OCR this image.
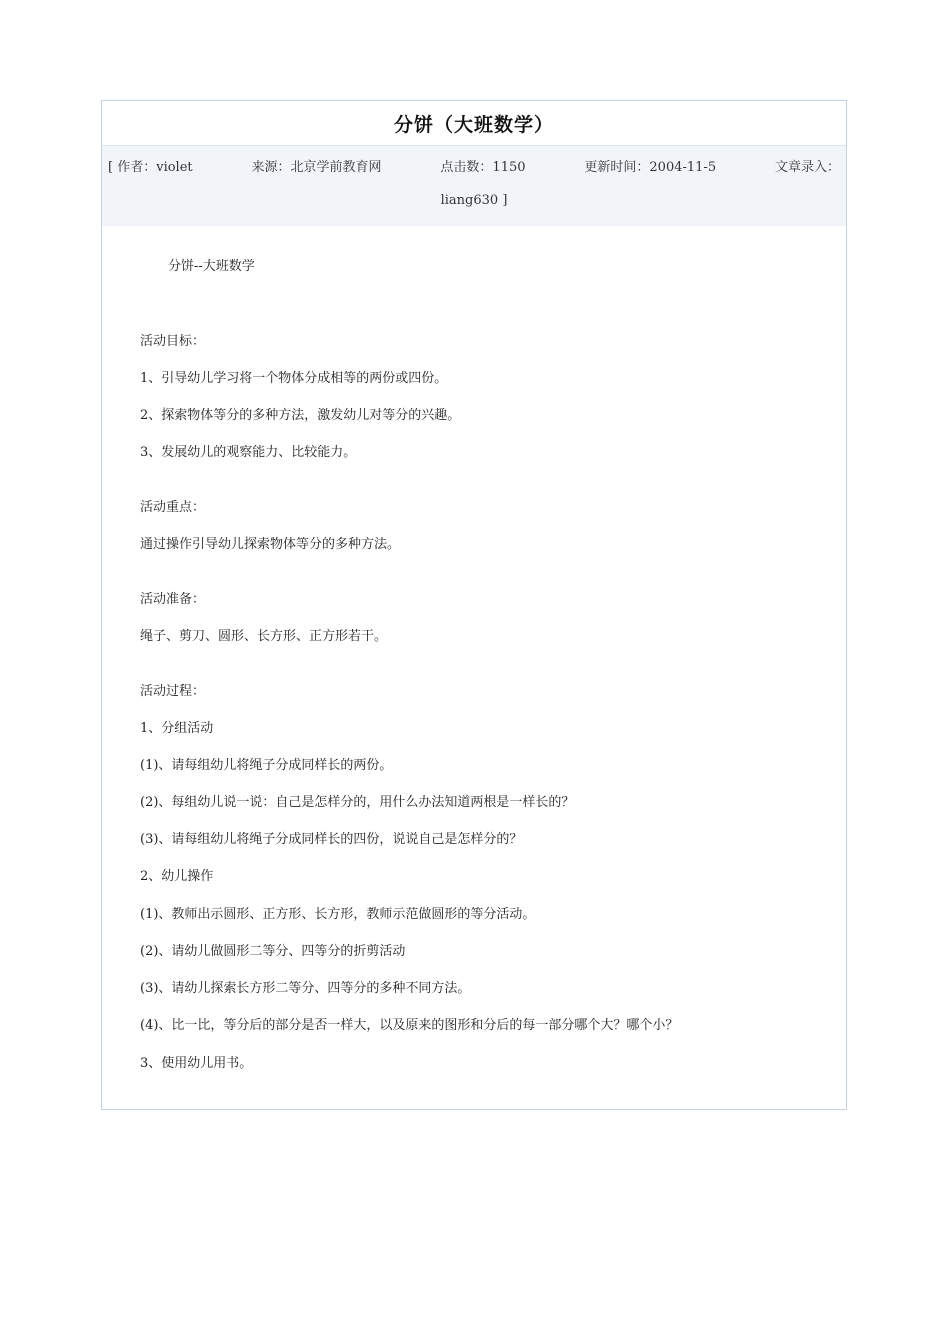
分饼（大班数学）
[ 作者：violet	来源：北京学前教育网	点击数：1150	更新时间：2004-11-5	文章录入：
liang630 ]
分饼--大班数学
活动目标：
1、引导幼儿学习将一个物体分成相等的两份或四份。
2、探索物体等分的多种方法，激发幼儿对等分的兴趣。
3、发展幼儿的观察能力、比较能力。
活动重点：
通过操作引导幼儿探索物体等分的多种方法。
活动准备：
绳子、剪刀、圆形、长方形、正方形若干。
活动过程：
1、分组活动
(1)、请每组幼儿将绳子分成同样长的两份。
(2)、每组幼儿说一说：自己是怎样分的，用什么办法知道两根是一样长的？
(3)、请每组幼儿将绳子分成同样长的四份，说说自己是怎样分的？
2、幼儿操作
(1)、教师出示圆形、正方形、长方形，教师示范做圆形的等分活动。
(2)、请幼儿做圆形二等分、四等分的折剪活动
(3)、请幼儿探索长方形二等分、四等分的多种不同方法。
(4)、比一比，等分后的部分是否一样大，以及原来的图形和分后的每一部分哪个大？哪个小？
3、使用幼儿用书。
